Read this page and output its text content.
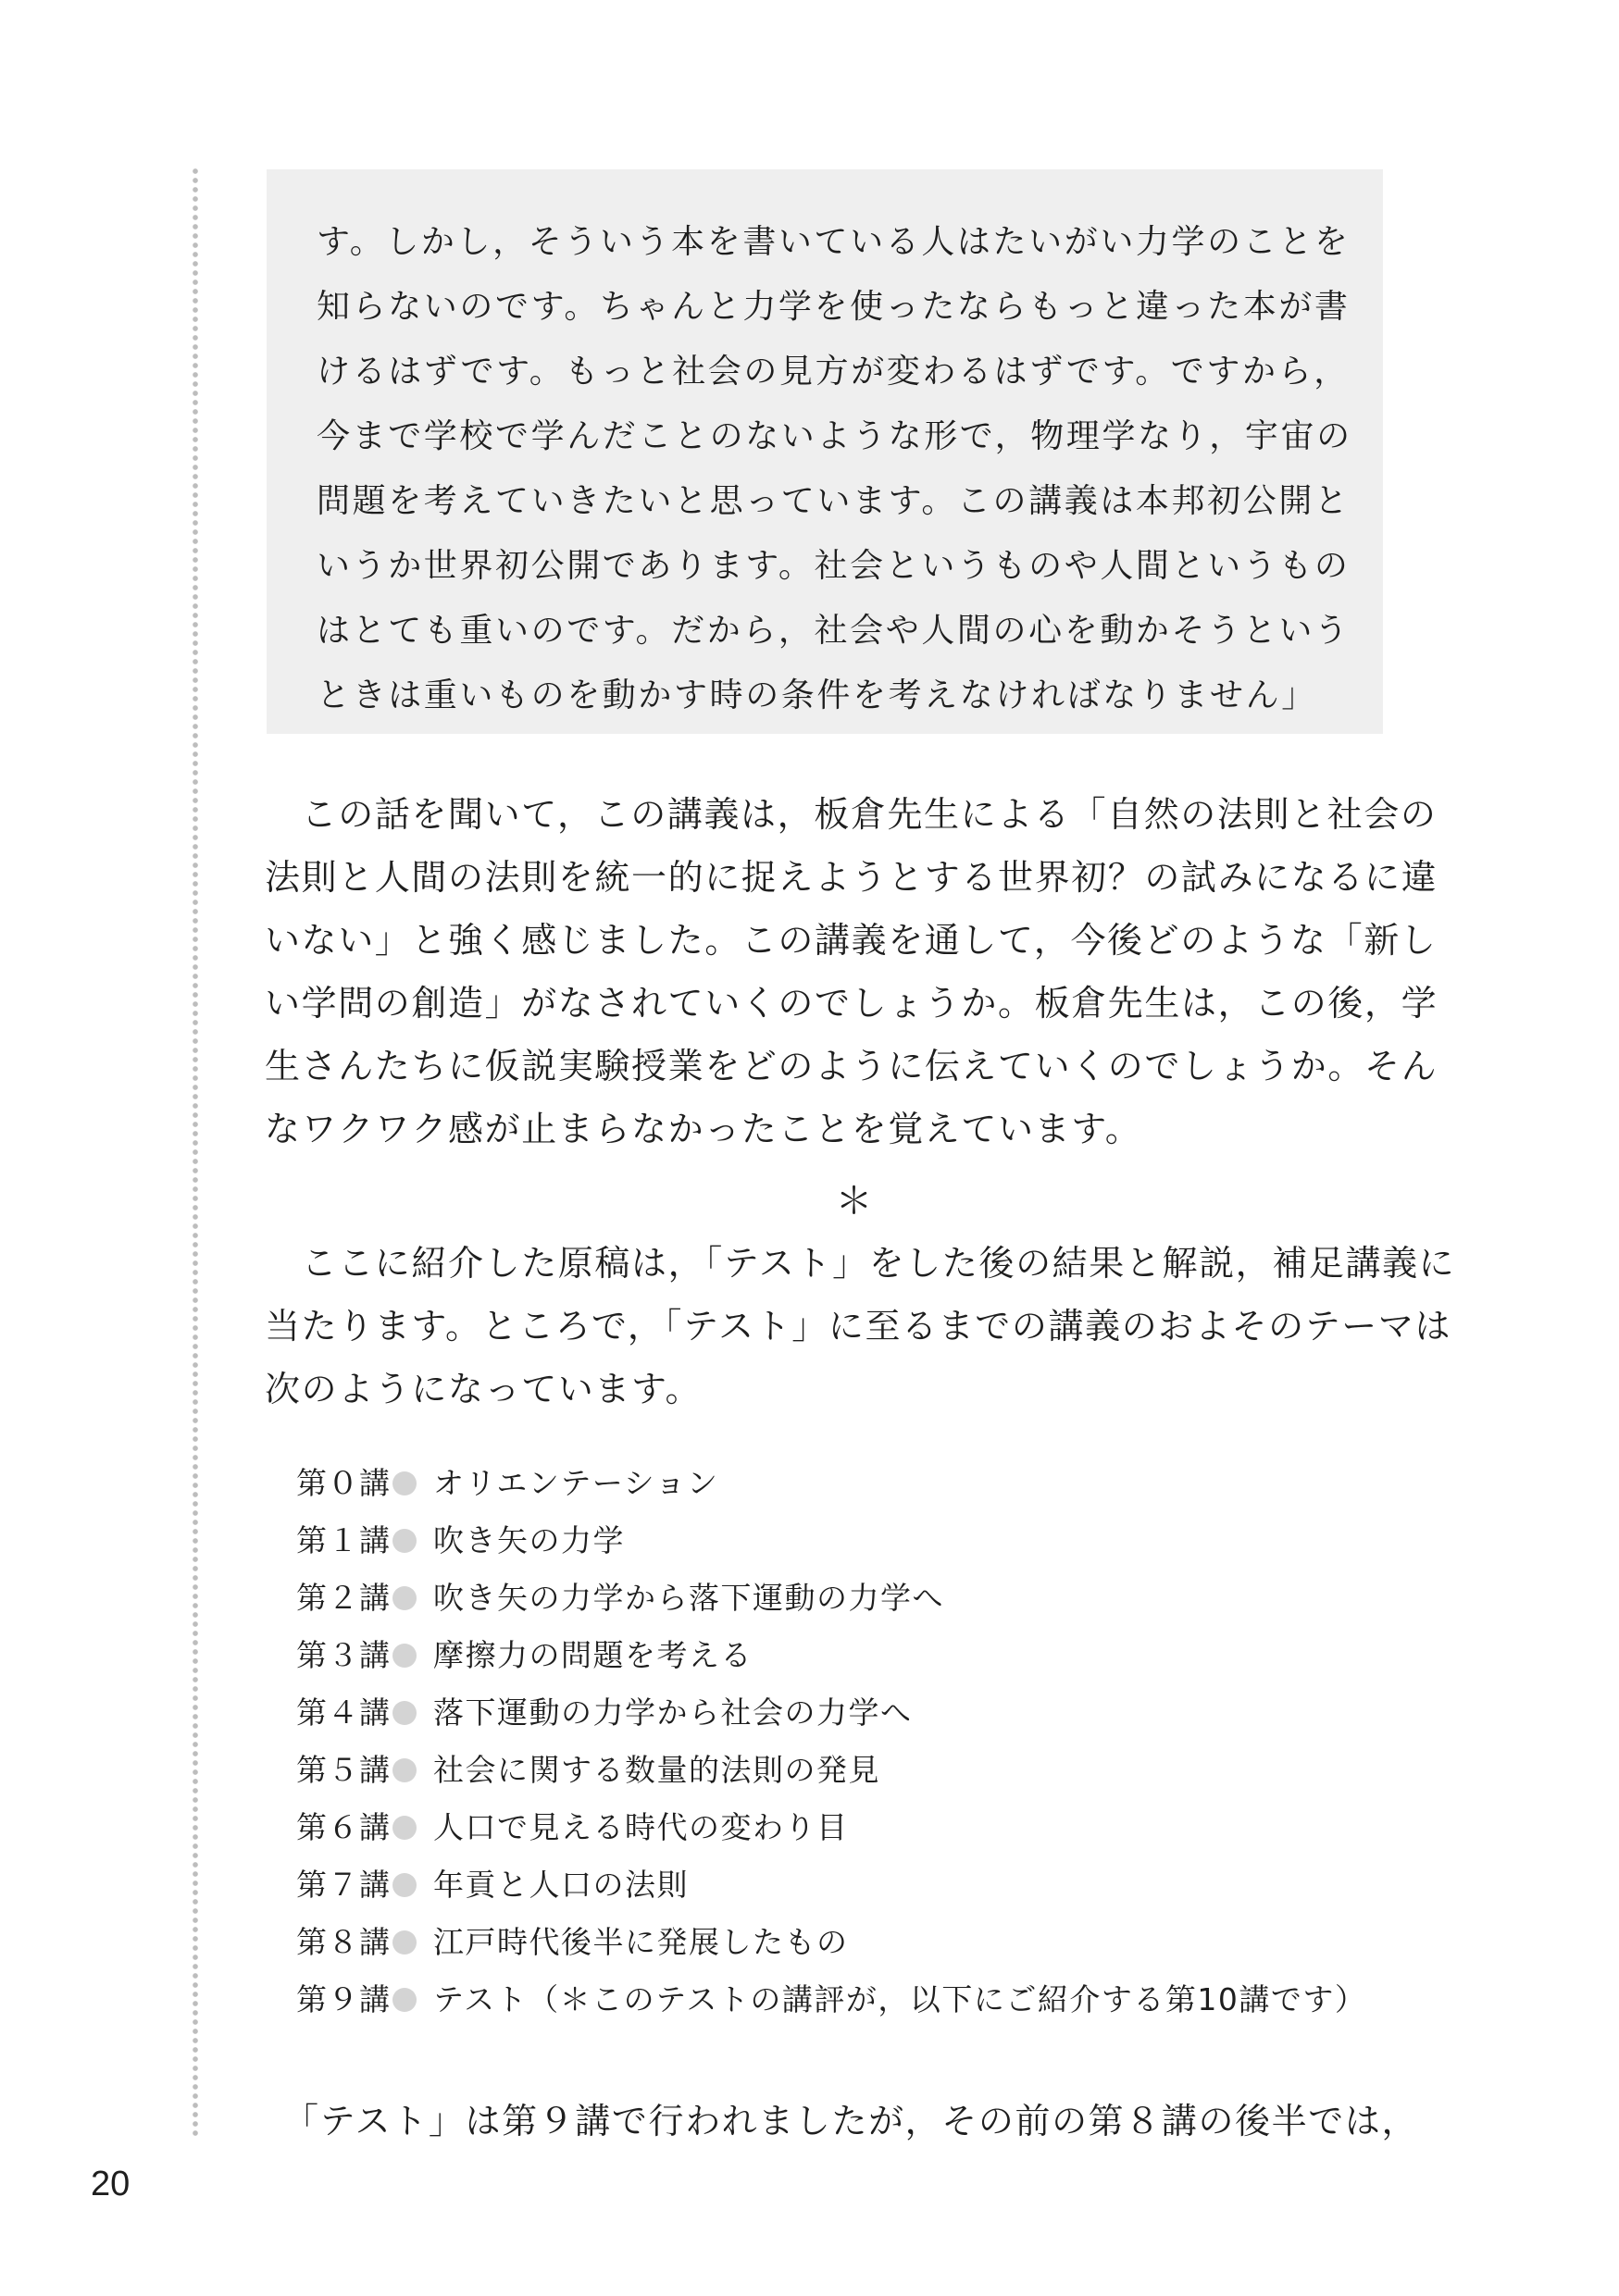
す。しかし，そういう本を書いている人はたいがい力学のことを
知らないのです。ちゃんと力学を使ったならもっと違った本が書
けるはずです。もっと社会の見方が変わるはずです。ですから，
今まで学校で学んだことのないような形で，物理学なり，宇宙の
問題を考えていきたいと思っています。この講義は本邦初公開と
いうか世界初公開であります。社会というものや人間というもの
はとても重いのです。だから，社会や人間の心を動かそうという
ときは重いものを動かす時の条件を考えなければなりません」
　この話を聞いて，この講義は，板倉先生による「自然の法則と社会の
法則と人間の法則を統一的に捉えようとする世界初？の試みになるに違
いない」と強く感じました。この講義を通して，今後どのような「新し
い学問の創造」がなされていくのでしょうか。板倉先生は，この後，学
生さんたちに仮説実験授業をどのように伝えていくのでしょうか。そん
なワクワク感が止まらなかったことを覚えています。
＊
　ここに紹介した原稿は，「テスト」をした後の結果と解説，補足講義に
当たります。ところで，「テスト」に至るまでの講義のおよそのテーマは
次のようになっています。
第０講 オリエンテーション
第１講 吹き矢の力学
第２講 吹き矢の力学から落下運動の力学へ
第３講 摩擦力の問題を考える
第４講 落下運動の力学から社会の力学へ
第５講 社会に関する数量的法則の発見
第６講 人口で見える時代の変わり目
第７講 年貢と人口の法則
第８講 江戸時代後半に発展したもの
第９講 テスト（＊このテストの講評が，以下にご紹介する第10講です）
「テスト」は第９講で行われましたが，その前の第８講の後半では，
20
